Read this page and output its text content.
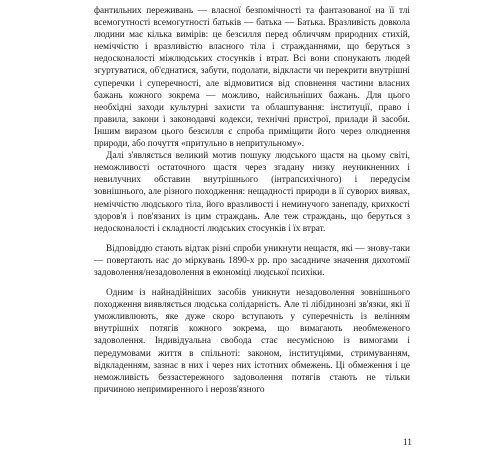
фантильних переживань — власної безпомічності та фантазованої на її тлі всемогутності всемогутності батьків — батька — Батька. Вразливість довкола людини має кілька вимірів: це безсилля перед обличчям природних стихій, неміччістю і вразливістю власного тіла і стражданнями, що беруться з недосконалості міжлюдських стосунків і втрат. Всі вони спонукають людей згуртуватися, об'єднатися, забути, подолати, відкласти чи перекрити внутрішні суперечки і суперечності, але відмовитися від сповнення частини власних бажань кожного зокрема — можливо, найсильніших бажань. Для цього необхідні заходи культурні захисти та облаштування: інституції, право і правила, закони і законодавчі кодекси, технічні пристрої, прилади й засоби. Іншим виразом цього безсилля є спроба приміщити його через олюднення природи, або почуття «притульно в непритульному».

Далі з'являється великий мотив пошуку людського щастя на цьому світі, неможливості остаточного щастя через згадану низку неуникненних і невилучних обставин внутрішнього (інтрапсихічного) і передусім зовнішнього, але різного походження: нещадності природи в її суворих виявах, неміччістю людського тіла, його вразливості і неминучого занепаду, крихкості здоров'я і пов'язаних із цим страждань. Але теж страждань, що беруться з недосконалості і складності людських стосунків і їх втрат.

Відповіддю стають відтак різні спроби уникнути нещастя, які — знову-таки — повертають нас до міркувань 1890-х рр. про засадниче значення дихотомії задоволення/незадоволення в економіці людської психіки.

Одним із найнадійніших засобів уникнути незадоволення зовнішнього походження виявляється людська солідарність. Але ті лібідинозні зв'язки, які її уможливлюють, яке дуже скоро вступають у суперечність із велінням внутрішніх потягів кожного зокрема, що вимагають необмеженого задоволення. Індивідуальна свобода стає несумісною із вимогами і передумовами життя в спільноті: законом, інституціями, стримуванням, відкладенням, зазнає в них і через них істотних обмежень. Ці обмеження і це неможливість беззастережного задоволення потягів стають не тільки причиною непримиренного і нерозв'язного

11
